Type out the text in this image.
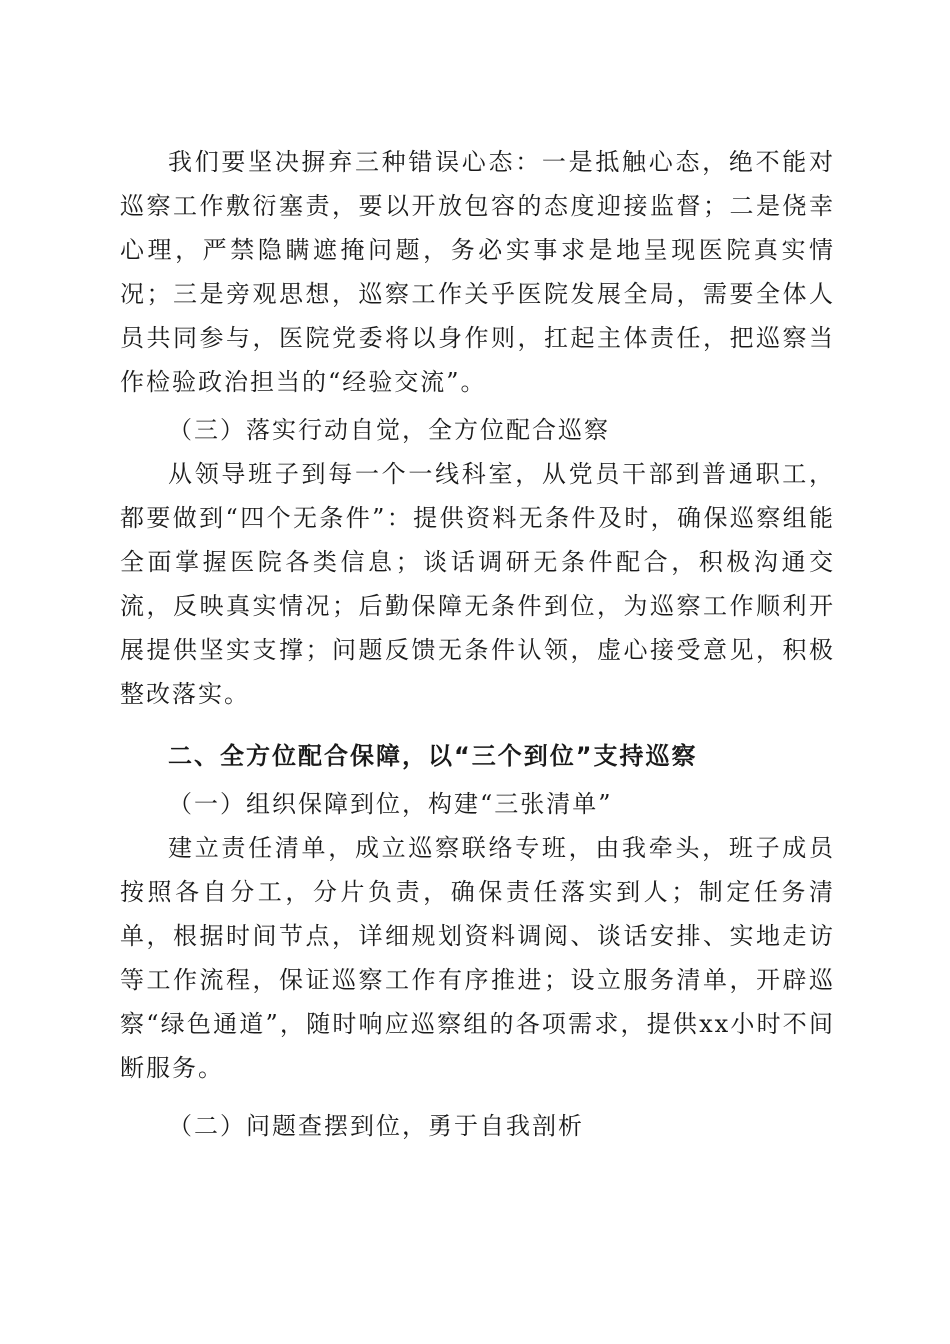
我们要坚决摒弃三种错误心态：一是抵触心态，绝不能对巡察工作敷衍塞责，要以开放包容的态度迎接监督；二是侥幸心理，严禁隐瞒遮掩问题，务必实事求是地呈现医院真实情况；三是旁观思想，巡察工作关乎医院发展全局，需要全体人员共同参与，医院党委将以身作则，扛起主体责任，把巡察当作检验政治担当的“经验交流”。

（三）落实行动自觉，全方位配合巡察

从领导班子到每一个一线科室，从党员干部到普通职工，都要做到“四个无条件”：提供资料无条件及时，确保巡察组能全面掌握医院各类信息；谈话调研无条件配合，积极沟通交流，反映真实情况；后勤保障无条件到位，为巡察工作顺利开展提供坚实支撑；问题反馈无条件认领，虚心接受意见，积极整改落实。

二、全方位配合保障，以“三个到位”支持巡察

（一）组织保障到位，构建“三张清单”

建立责任清单，成立巡察联络专班，由我牵头，班子成员按照各自分工，分片负责，确保责任落实到人；制定任务清单，根据时间节点，详细规划资料调阅、谈话安排、实地走访等工作流程，保证巡察工作有序推进；设立服务清单，开辟巡察“绿色通道”，随时响应巡察组的各项需求，提供xx小时不间断服务。

（二）问题查摆到位，勇于自我剖析
